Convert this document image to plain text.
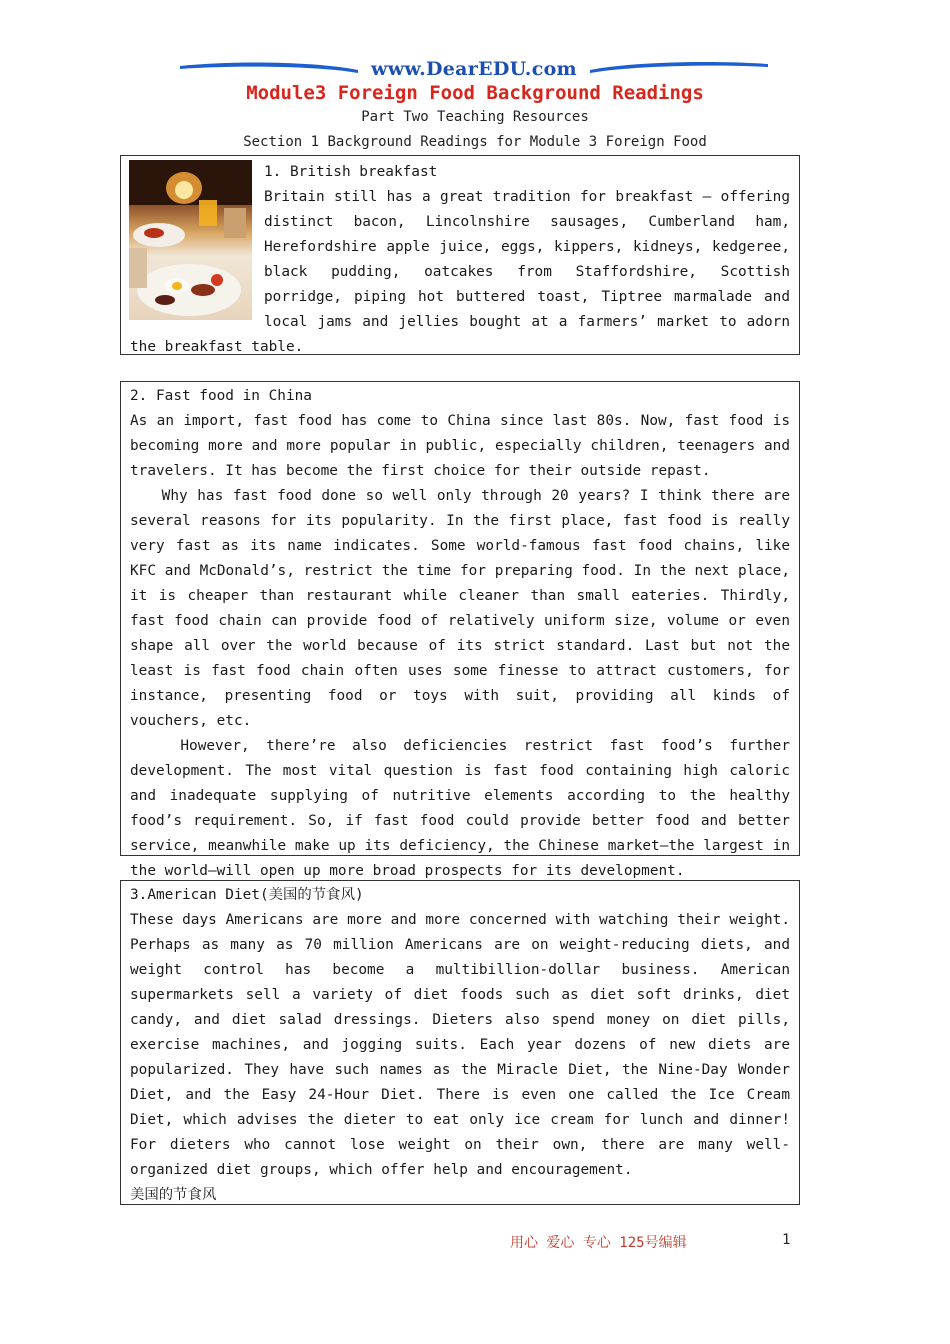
www.DearEDU.com
Module3 Foreign Food Background Readings
Part Two Teaching Resources
Section 1 Background Readings for Module 3 Foreign Food

1. British breakfast

Britain still has a great tradition for breakfast – offering distinct bacon, Lincolnshire sausages, Cumberland ham, Herefordshire apple juice, eggs, kippers, kidneys, kedgeree, black pudding, oatcakes from Staffordshire, Scottish porridge, piping hot buttered toast, Tiptree marmalade and local jams and jellies bought at a farmers’ market to adorn the breakfast table.

2. Fast food in China

As an import, fast food has come to China since last 80s. Now, fast food is becoming more and more popular in public, especially children, teenagers and travelers. It has become the first choice for their outside repast.

Why has fast food done so well only through 20 years? I think there are several reasons for its popularity. In the first place, fast food is really very fast as its name indicates. Some world-famous fast food chains, like KFC and McDonald’s, restrict the time for preparing food. In the next place, it is cheaper than restaurant while cleaner than small eateries. Thirdly, fast food chain can provide food of relatively uniform size, volume or even shape all over the world because of its strict standard. Last but not the least is fast food chain often uses some finesse to attract customers, for instance, presenting food or toys with suit, providing all kinds of vouchers, etc.

However, there’re also deficiencies restrict fast food’s further development. The most vital question is fast food containing high caloric and inadequate supplying of nutritive elements according to the healthy food’s requirement. So, if fast food could provide better food and better service, meanwhile make up its deficiency, the Chinese market—the largest in the world—will open up more broad prospects for its development.

3.American Diet(美国的节食风)

These days Americans are more and more concerned with watching their weight. Perhaps as many as 70 million Americans are on weight-reducing diets, and weight control has become a multibillion-dollar business. American supermarkets sell a variety of diet foods such as diet soft drinks, diet candy, and diet salad dressings. Dieters also spend money on diet pills, exercise machines, and jogging suits. Each year dozens of new diets are popularized. They have such names as the Miracle Diet, the Nine-Day Wonder Diet, and the Easy 24-Hour Diet. There is even one called the Ice Cream Diet, which advises the dieter to eat only ice cream for lunch and dinner! For dieters who cannot lose weight on their own, there are many well-organized diet groups, which offer help and encouragement.

美国的节食风

用心 爱心 专心 125号编辑	1
